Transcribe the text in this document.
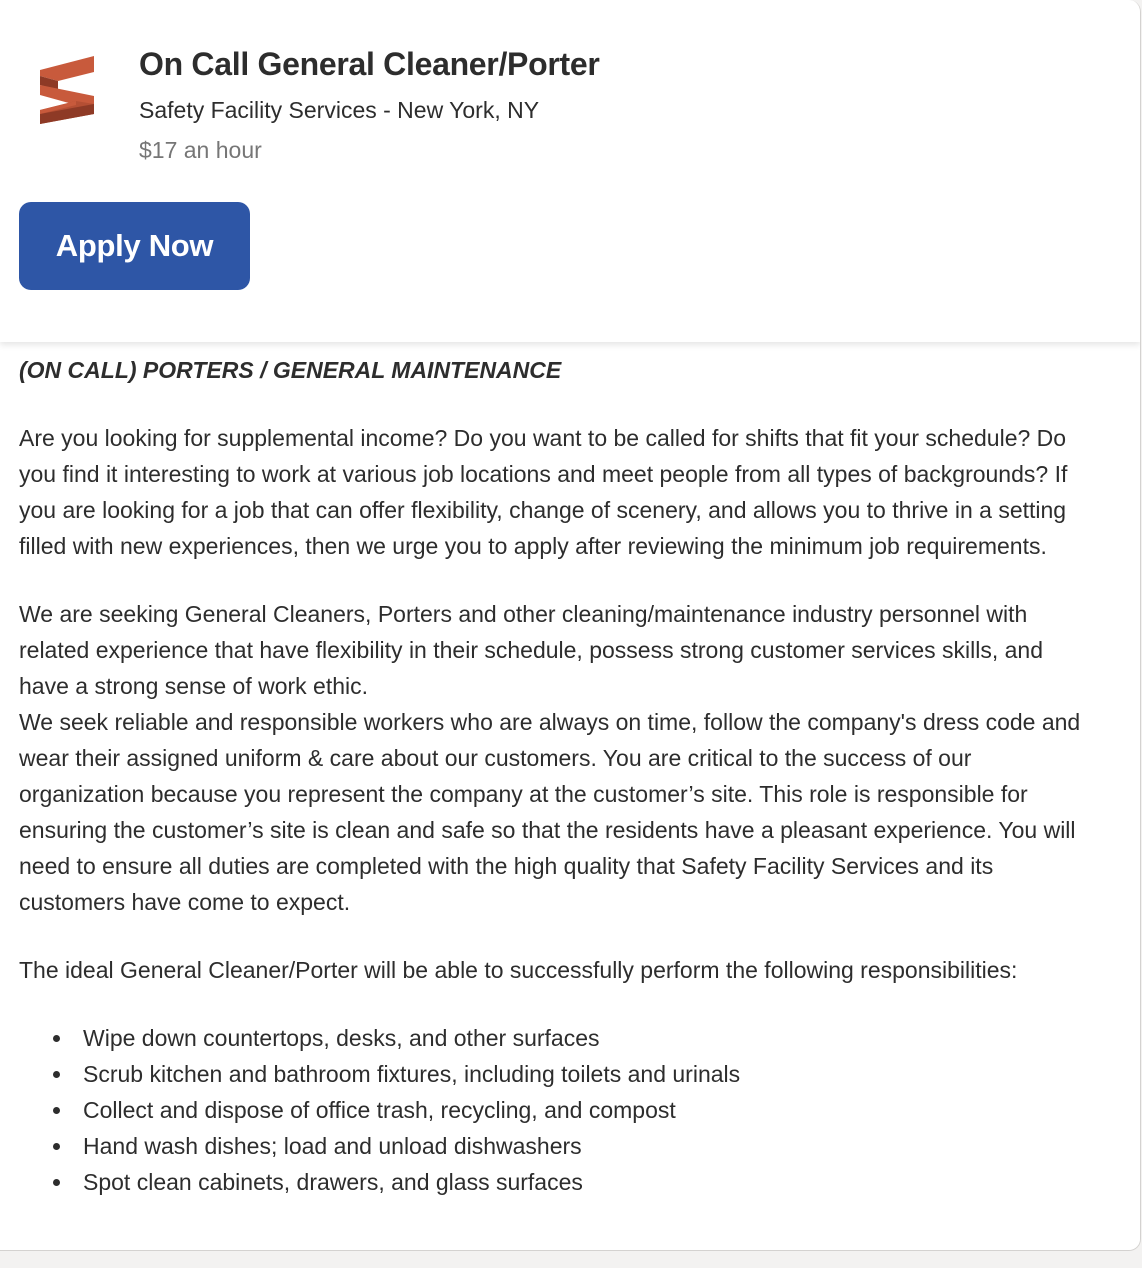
On Call General Cleaner/Porter
Safety Facility Services - New York, NY
$17 an hour
Apply Now

(ON CALL) PORTERS / GENERAL MAINTENANCE

Are you looking for supplemental income? Do you want to be called for shifts that fit your schedule? Do you find it interesting to work at various job locations and meet people from all types of backgrounds? If you are looking for a job that can offer flexibility, change of scenery, and allows you to thrive in a setting filled with new experiences, then we urge you to apply after reviewing the minimum job requirements.

We are seeking General Cleaners, Porters and other cleaning/maintenance industry personnel with related experience that have flexibility in their schedule, possess strong customer services skills, and have a strong sense of work ethic.

We seek reliable and responsible workers who are always on time, follow the company's dress code and wear their assigned uniform & care about our customers. You are critical to the success of our organization because you represent the company at the customer’s site. This role is responsible for ensuring the customer’s site is clean and safe so that the residents have a pleasant experience. You will need to ensure all duties are completed with the high quality that Safety Facility Services and its customers have come to expect.

The ideal General Cleaner/Porter will be able to successfully perform the following responsibilities:

Wipe down countertops, desks, and other surfaces
Scrub kitchen and bathroom fixtures, including toilets and urinals
Collect and dispose of office trash, recycling, and compost
Hand wash dishes; load and unload dishwashers
Spot clean cabinets, drawers, and glass surfaces
